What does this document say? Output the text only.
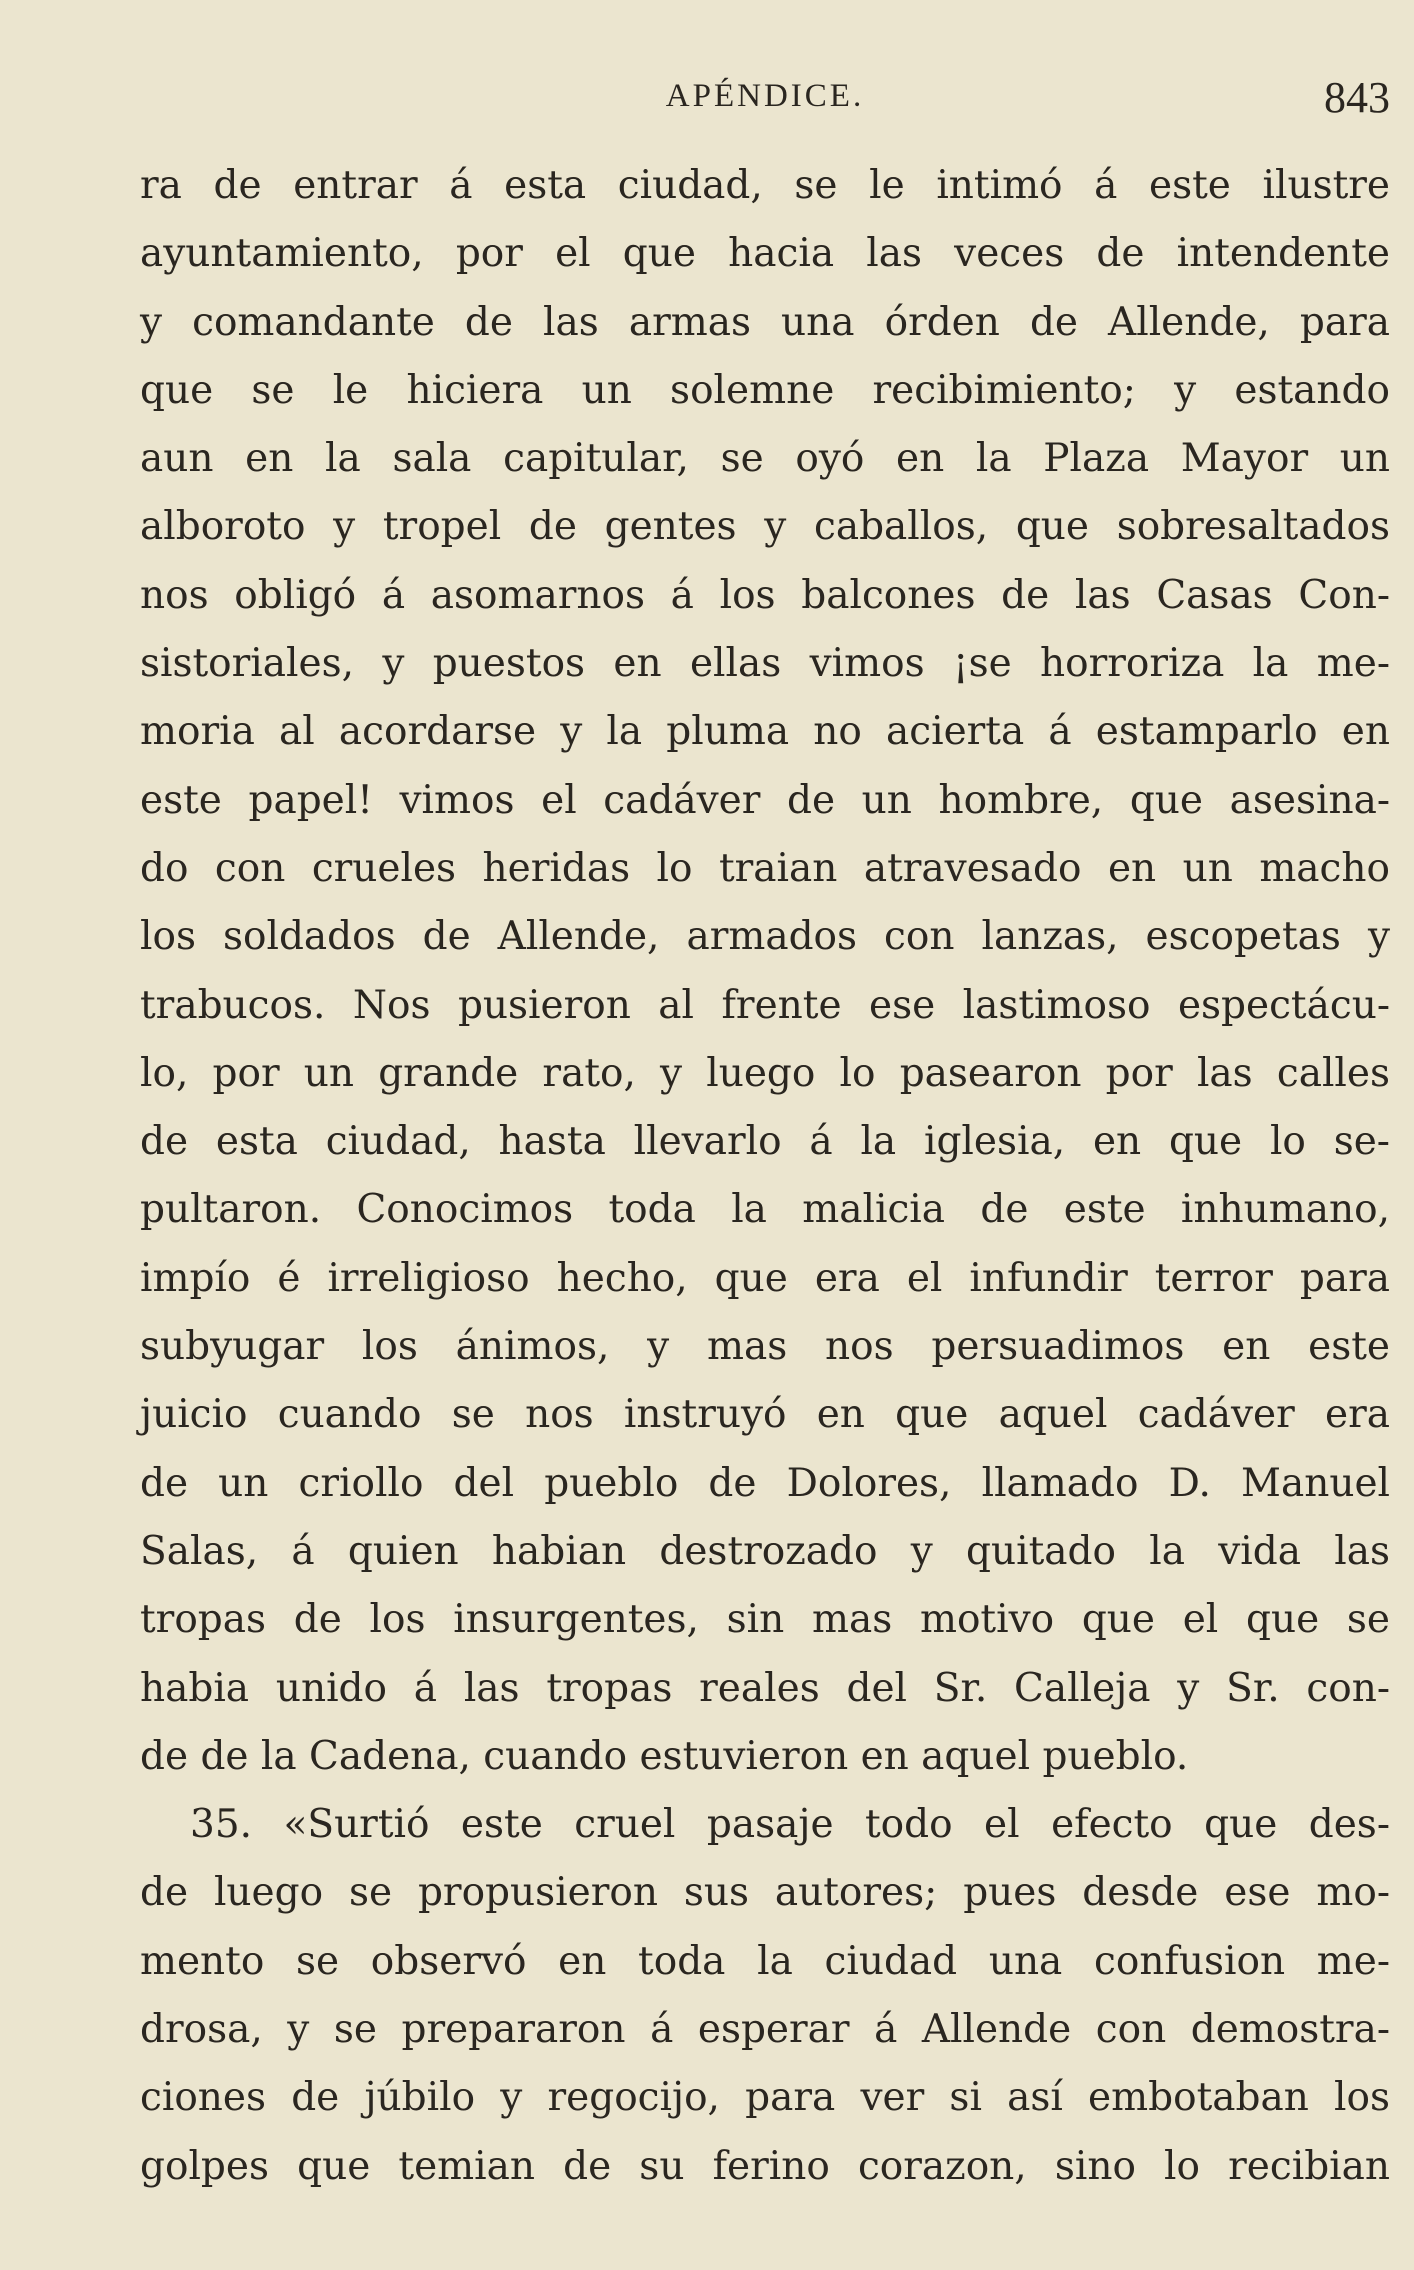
APÉNDICE.	843
ra de entrar á esta ciudad, se le intimó á este ilustre
ayuntamiento, por el que hacia las veces de intendente
y comandante de las armas una órden de Allende, para
que se le hiciera un solemne recibimiento; y estando
aun en la sala capitular, se oyó en la Plaza Mayor un
alboroto y tropel de gentes y caballos, que sobresaltados
nos obligó á asomarnos á los balcones de las Casas Con-
sistoriales, y puestos en ellas vimos ¡se horroriza la me-
moria al acordarse y la pluma no acierta á estamparlo en
este papel! vimos el cadáver de un hombre, que asesina-
do con crueles heridas lo traian atravesado en un macho
los soldados de Allende, armados con lanzas, escopetas y
trabucos. Nos pusieron al frente ese lastimoso espectácu-
lo, por un grande rato, y luego lo pasearon por las calles
de esta ciudad, hasta llevarlo á la iglesia, en que lo se-
pultaron. Conocimos toda la malicia de este inhumano,
impío é irreligioso hecho, que era el infundir terror para
subyugar los ánimos, y mas nos persuadimos en este
juicio cuando se nos instruyó en que aquel cadáver era
de un criollo del pueblo de Dolores, llamado D. Manuel
Salas, á quien habian destrozado y quitado la vida las
tropas de los insurgentes, sin mas motivo que el que se
habia unido á las tropas reales del Sr. Calleja y Sr. con-
de de la Cadena, cuando estuvieron en aquel pueblo.
35. «Surtió este cruel pasaje todo el efecto que des-
de luego se propusieron sus autores; pues desde ese mo-
mento se observó en toda la ciudad una confusion me-
drosa, y se prepararon á esperar á Allende con demostra-
ciones de júbilo y regocijo, para ver si así embotaban los
golpes que temian de su ferino corazon, sino lo recibian
